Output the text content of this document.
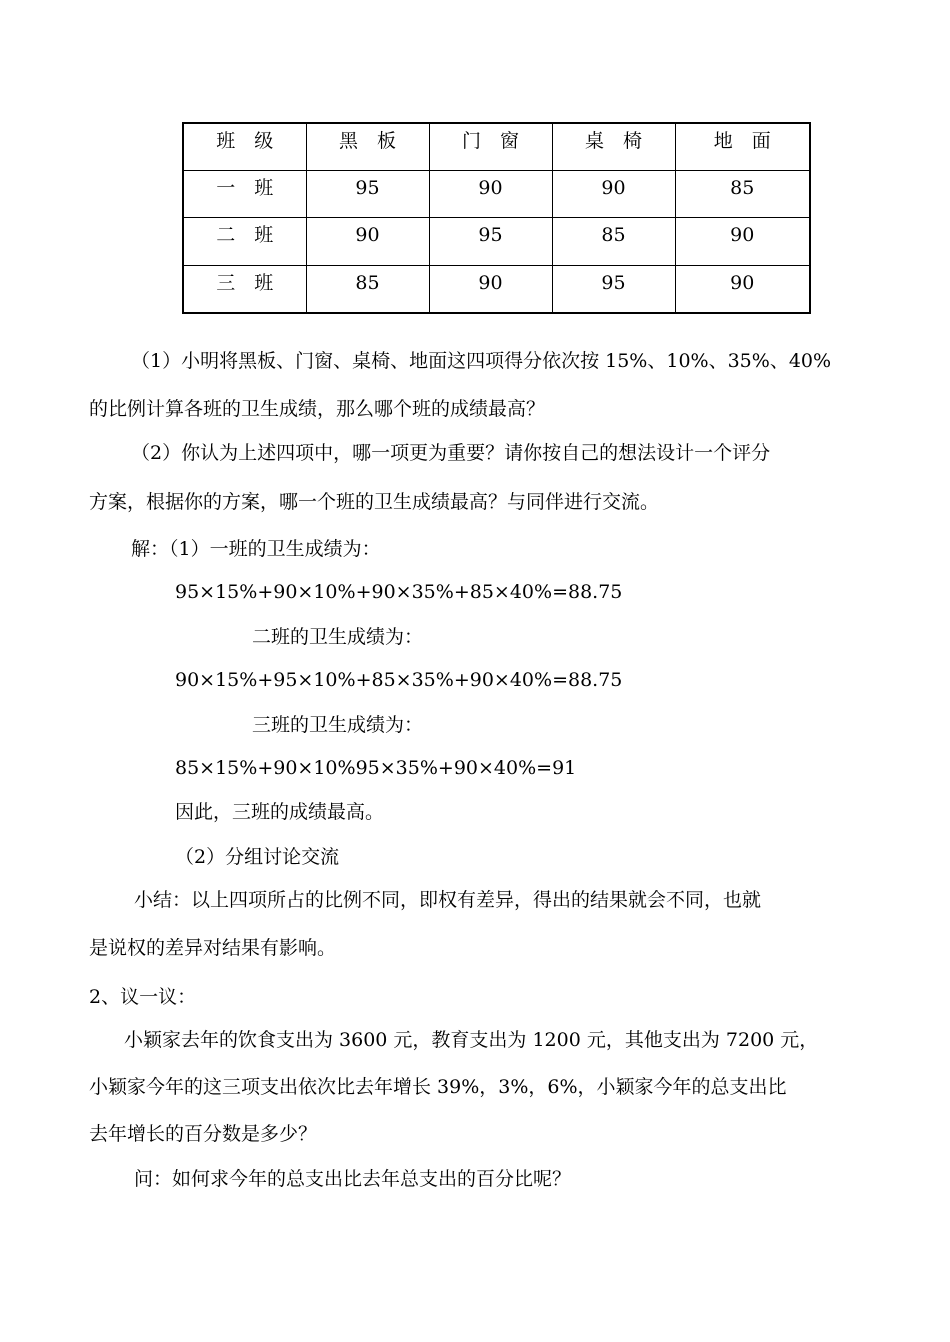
班　级	黑　板	门　窗	桌　椅	地　面
一　班	95	90	90	85
二　班	90	95	85	90
三　班	85	90	95	90
（1）小明将黑板、门窗、桌椅、地面这四项得分依次按 15%、10%、35%、40%
的比例计算各班的卫生成绩，那么哪个班的成绩最高？
（2）你认为上述四项中，哪一项更为重要？请你按自己的想法设计一个评分
方案，根据你的方案，哪一个班的卫生成绩最高？与同伴进行交流。
解：（1）一班的卫生成绩为：
95×15%+90×10%+90×35%+85×40%=88.75
二班的卫生成绩为：
90×15%+95×10%+85×35%+90×40%=88.75
三班的卫生成绩为：
85×15%+90×10%95×35%+90×40%=91
因此，三班的成绩最高。
（2）分组讨论交流
小结：以上四项所占的比例不同，即权有差异，得出的结果就会不同，也就
是说权的差异对结果有影响。
2、议一议：
小颖家去年的饮食支出为 3600 元，教育支出为 1200 元，其他支出为 7200 元，
小颖家今年的这三项支出依次比去年增长 39%，3%，6%，小颖家今年的总支出比
去年增长的百分数是多少？
问：如何求今年的总支出比去年总支出的百分比呢？
